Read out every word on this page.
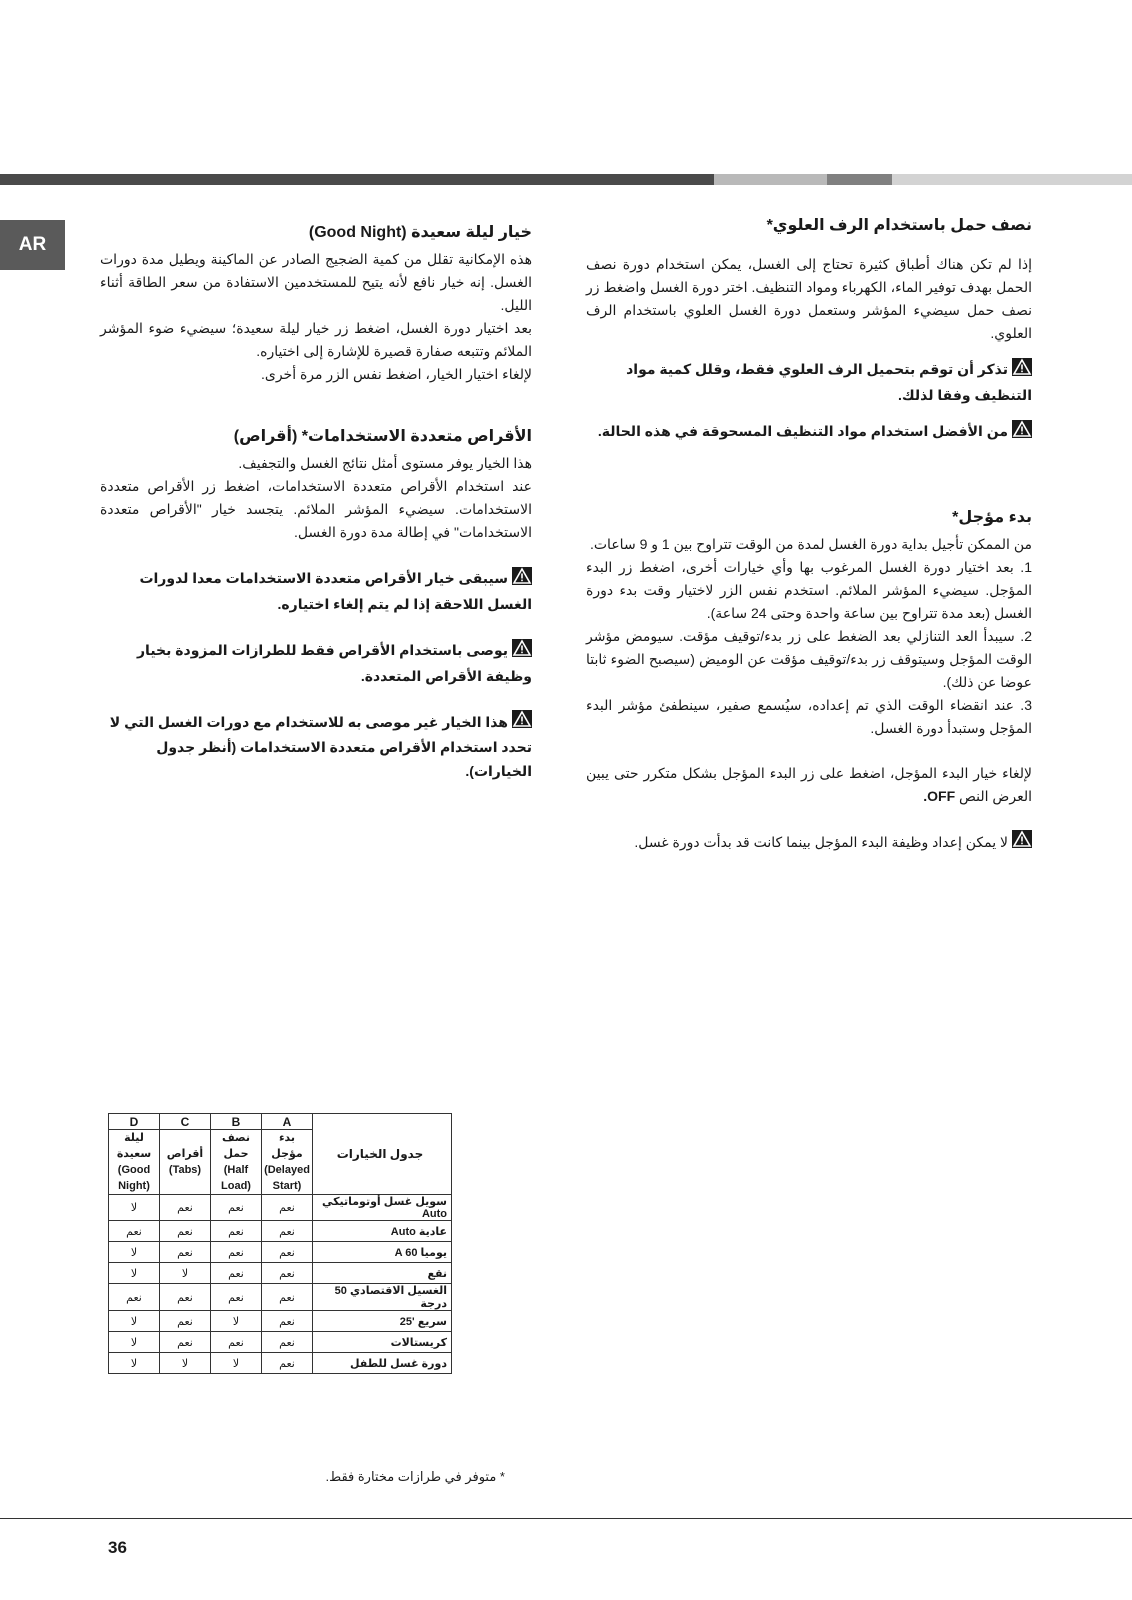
AR

خيار ليلة سعيدة (Good Night)

هذه الإمكانية تقلل من كمية الضجيج الصادر عن الماكينة ويطيل مدة دورات الغسل. إنه خيار نافع لأنه يتيح للمستخدمين الاستفادة من سعر الطاقة أثناء الليل.

بعد اختيار دورة الغسل، اضغط زر خيار ليلة سعيدة؛ سيضيء ضوء المؤشر الملائم وتتبعه صفارة قصيرة للإشارة إلى اختياره.

لإلغاء اختيار الخيار، اضغط نفس الزر مرة أخرى.

الأقراص متعددة الاستخدامات* (أقراص)

هذا الخيار يوفر مستوى أمثل نتائج الغسل والتجفيف.

عند استخدام الأقراص متعددة الاستخدامات، اضغط زر الأقراص متعددة الاستخدامات. سيضيء المؤشر الملائم. يتجسد خيار "الأقراص متعددة الاستخدامات" في إطالة مدة دورة الغسل.

سيبقى خيار الأقراص متعددة الاستخدامات معدا لدورات الغسل اللاحقة إذا لم يتم إلغاء اختياره.

يوصى باستخدام الأقراص فقط للطرازات المزودة بخيار وظيفة الأقراص المتعددة.

هذا الخيار غير موصى به للاستخدام مع دورات الغسل التي لا تحدد استخدام الأقراص متعددة الاستخدامات (أنظر جدول الخيارات).

نصف حمل باستخدام الرف العلوي*

إذا لم تكن هناك أطباق كثيرة تحتاج إلى الغسل، يمكن استخدام دورة نصف الحمل بهدف توفير الماء، الكهرباء ومواد التنظيف. اختر دورة الغسل واضغط زر نصف حمل سيضيء المؤشر وستعمل دورة الغسل العلوي باستخدام الرف العلوي.

تذكر أن توقم بتحميل الرف العلوي فقط، وقلل كمية مواد التنظيف وفقا لذلك.

من الأفضل استخدام مواد التنظيف المسحوقة في هذه الحالة.

بدء مؤجل*

من الممكن تأجيل بداية دورة الغسل لمدة من الوقت تتراوح بين 1 و 9 ساعات.

1. بعد اختيار دورة الغسل المرغوب بها وأي خيارات أخرى، اضغط زر البدء المؤجل. سيضيء المؤشر الملائم. استخدم نفس الزر لاختيار وقت بدء دورة الغسل (بعد مدة تتراوح بين ساعة واحدة وحتى 24 ساعة).

2. سيبدأ العد التنازلي بعد الضغط على زر بدء/توقيف مؤقت. سيومض مؤشر الوقت المؤجل وسيتوقف زر بدء/توقيف مؤقت عن الوميض (سيصبح الضوء ثابتا عوضا عن ذلك).

3. عند انقضاء الوقت الذي تم إعداده، سيُسمع صفير، سينطفئ مؤشر البدء المؤجل وستبدأ دورة الغسل.

لإلغاء خيار البدء المؤجل، اضغط على زر البدء المؤجل بشكل متكرر حتى يبين العرض النص OFF.

لا يمكن إعداد وظيفة البدء المؤجل بينما كانت قد بدأت دورة غسل.

D	C	B	A	جدول الخيارات
ليلة سعيدة (Good Night)	أقراص (Tabs)	نصف حمل (Half Load)	بدء مؤجل (Delayed Start)	
لا	نعم	نعم	نعم	سويل غسل أوتوماتيكي Auto
نعم	نعم	نعم	نعم	عادية Auto
لا	نعم	نعم	نعم	يوميا A 60
لا	لا	نعم	نعم	نقع
نعم	نعم	نعم	نعم	الغسيل الاقتصادي 50 درجة
لا	نعم	لا	نعم	سريع '25
لا	نعم	نعم	نعم	كريستالات
لا	لا	لا	نعم	دورة غسل للطفل
* متوفر في طرازات مختارة فقط.
36
